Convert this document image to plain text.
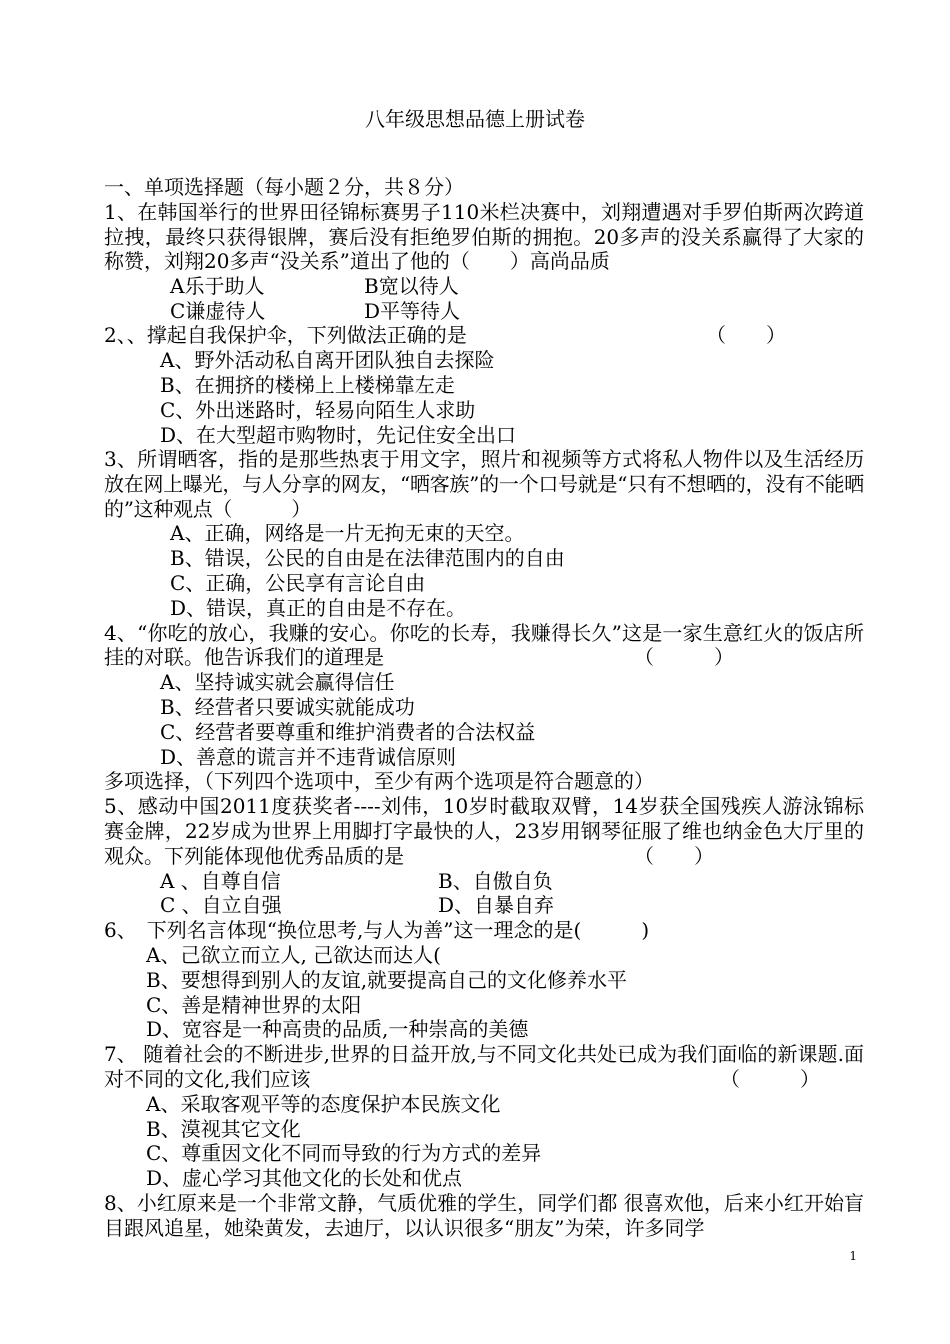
八年级思想品德上册试卷
一、单项选择题（每小题２分，共８分）
1、在韩国举行的世界田径锦标赛男子110米栏决赛中，刘翔遭遇对手罗伯斯两次跨道拉拽，最终只获得银牌，赛后没有拒绝罗伯斯的拥抱。20多声的没关系赢得了大家的称赞，刘翔20多声“没关系”道出了他的（　　）高尚品质
A乐于助人	B宽以待人
C谦虚待人	D平等待人
2、、撑起自我保护伞，下列做法正确的是	（　　）
A、野外活动私自离开团队独自去探险
B、在拥挤的楼梯上上楼梯靠左走
C、外出迷路时，轻易向陌生人求助
D、在大型超市购物时，先记住安全出口
3、所谓晒客，指的是那些热衷于用文字，照片和视频等方式将私人物件以及生活经历放在网上曝光，与人分享的网友，“晒客族”的一个口号就是“只有不想晒的，没有不能晒的”这种观点（　　　）
A、正确，网络是一片无拘无束的天空。
B、错误，公民的自由是在法律范围内的自由
C、正确，公民享有言论自由
D、错误，真正的自由是不存在。
4、“你吃的放心，我赚的安心。你吃的长寿，我赚得长久”这是一家生意红火的饭店所挂的对联。他告诉我们的道理是	（　　　）
A、坚持诚实就会赢得信任
B、经营者只要诚实就能成功
C、经营者要尊重和维护消费者的合法权益
D、善意的谎言并不违背诚信原则
多项选择，（下列四个选项中，至少有两个选项是符合题意的）
5、感动中国2011度获奖者----刘伟，10岁时截取双臂，14岁获全国残疾人游泳锦标赛金牌，22岁成为世界上用脚打字最快的人，23岁用钢琴征服了维也纳金色大厅里的观众。下列能体现他优秀品质的是	（　　）
A 、自尊自信	B、自傲自负
C 、自立自强	D、自暴自弃
6、　下列名言体现“换位思考,与人为善”这一理念的是(　　　)
A、己欲立而立人, 己欲达而达人(
B、要想得到别人的友谊,就要提高自己的文化修养水平
C、善是精神世界的太阳
D、宽容是一种高贵的品质,一种崇高的美德
7、 随着社会的不断进步,世界的日益开放,与不同文化共处已成为我们面临的新课题.面对不同的文化,我们应该	（　　　）
A、采取客观平等的态度保护本民族文化
B、漠视其它文化
C、尊重因文化不同而导致的行为方式的差异
D、虚心学习其他文化的长处和优点
8、小红原来是一个非常文静，气质优雅的学生，同学们都 很喜欢他，后来小红开始盲目跟风追星，她染黄发，去迪厅，以认识很多“朋友”为荣，许多同学
1
